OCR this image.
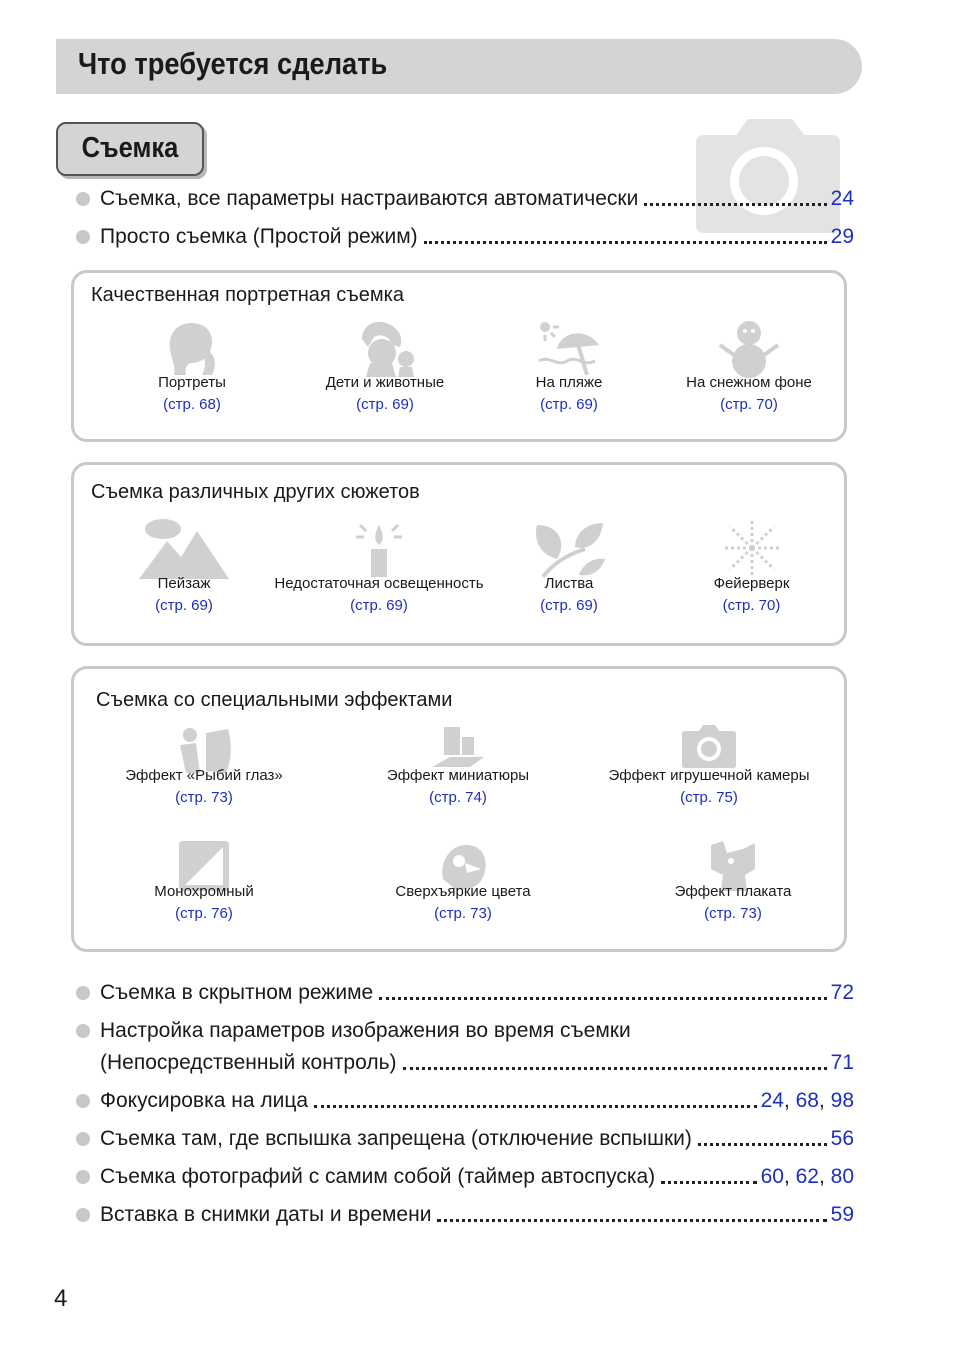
Что требуется сделать
Съемка
Съемка, все параметры настраиваются автоматически	24
Просто съемка (Простой режим)	29
Качественная портретная съемка
Портреты
(стр. 68)
Дети и животные
(стр. 69)
На пляже
(стр. 69)
На снежном фоне
(стр. 70)
Съемка различных других сюжетов
Пейзаж
(стр. 69)
Недостаточная освещенность
(стр. 69)
Листва
(стр. 69)
Фейерверк
(стр. 70)
Съемка со специальными эффектами
Эффект «Рыбий глаз»
(стр. 73)
Эффект миниатюры
(стр. 74)
Эффект игрушечной камеры
(стр. 75)
Монохромный
(стр. 76)
Сверхъяркие цвета
(стр. 73)
Эффект плаката
(стр. 73)
Съемка в скрытном режиме	72
Настройка параметров изображения во время съемки
(Непосредственный контроль)	71
Фокусировка на лица	24, 68, 98
Съемка там, где вспышка запрещена (отключение вспышки)	56
Съемка фотографий с самим собой (таймер автоспуска)	60, 62, 80
Вставка в снимки даты и времени	59
4
